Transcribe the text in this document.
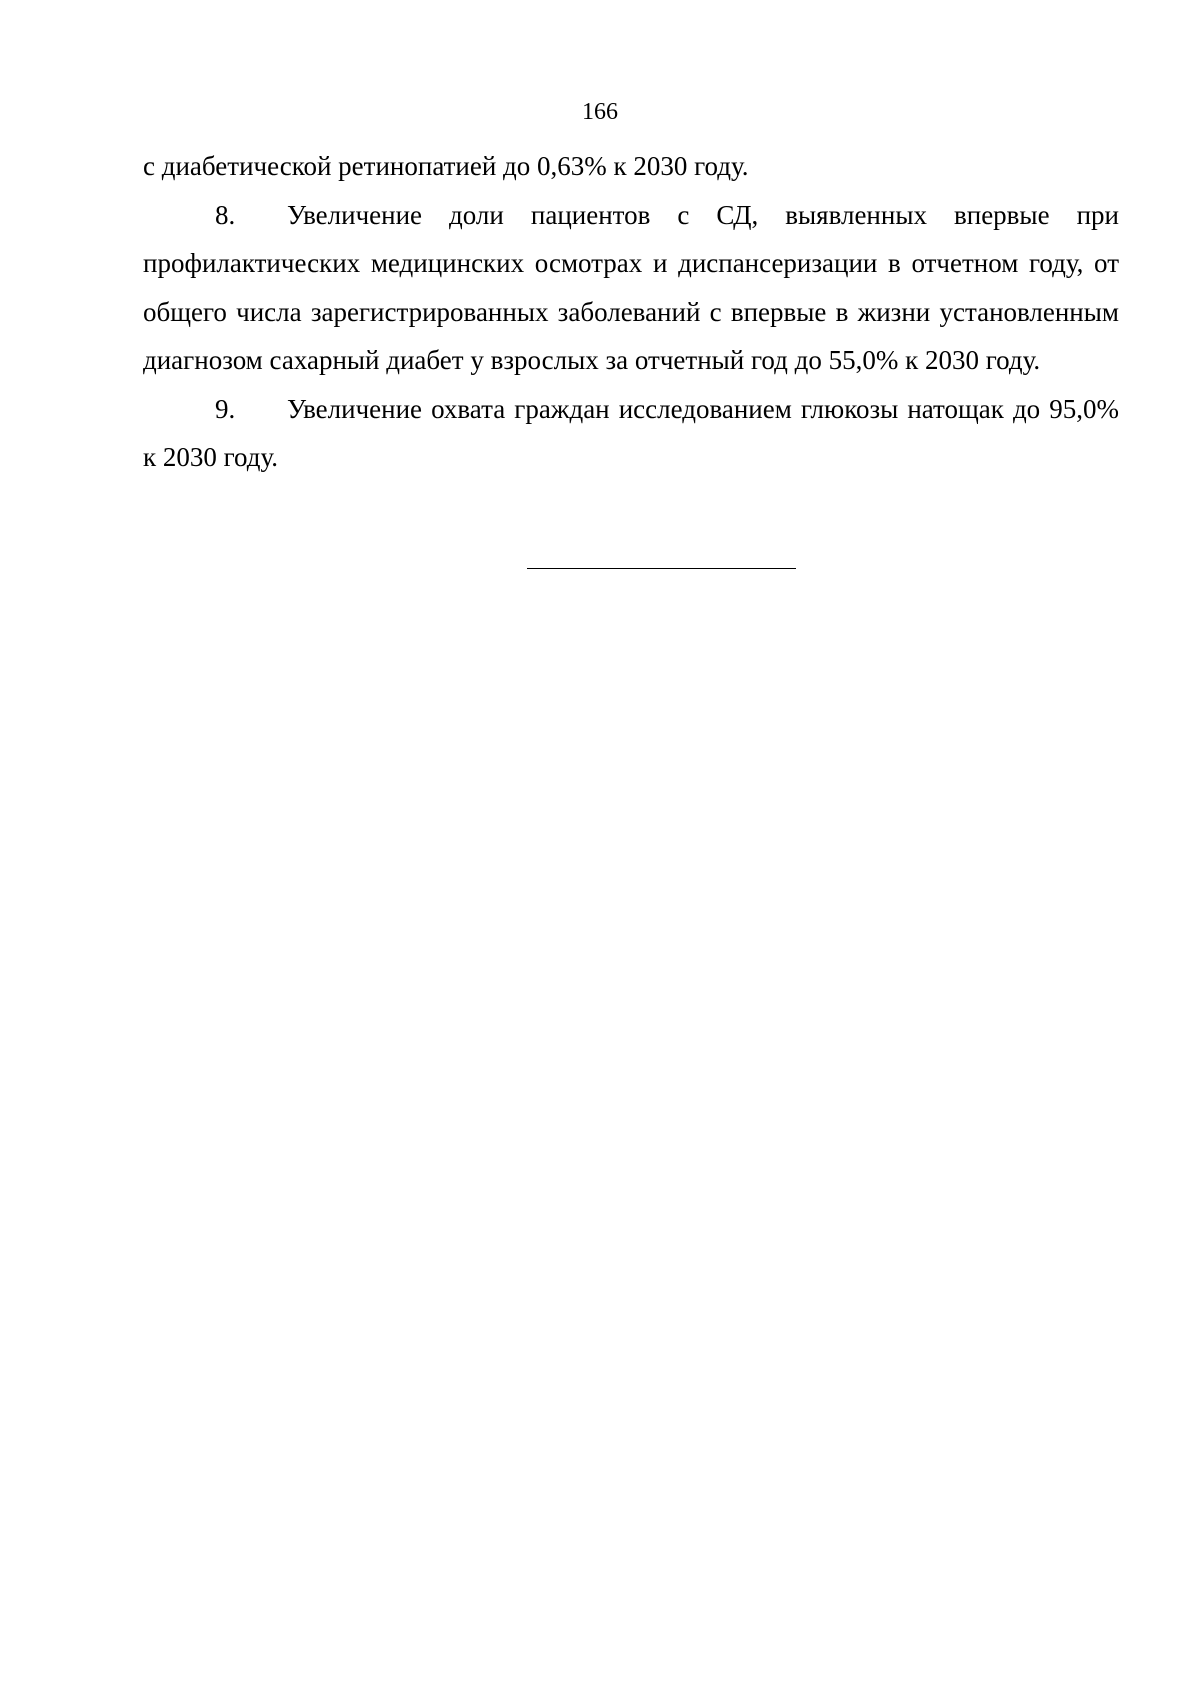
166

с диабетической ретинопатией до 0,63% к 2030 году.

8. Увеличение доли пациентов с СД, выявленных впервые при профилактических медицинских осмотрах и диспансеризации в отчетном году, от общего числа зарегистрированных заболеваний с впервые в жизни установленным диагнозом сахарный диабет у взрослых за отчетный год до 55,0% к 2030 году.

9. Увеличение охвата граждан исследованием глюкозы натощак до 95,0% к 2030 году.
